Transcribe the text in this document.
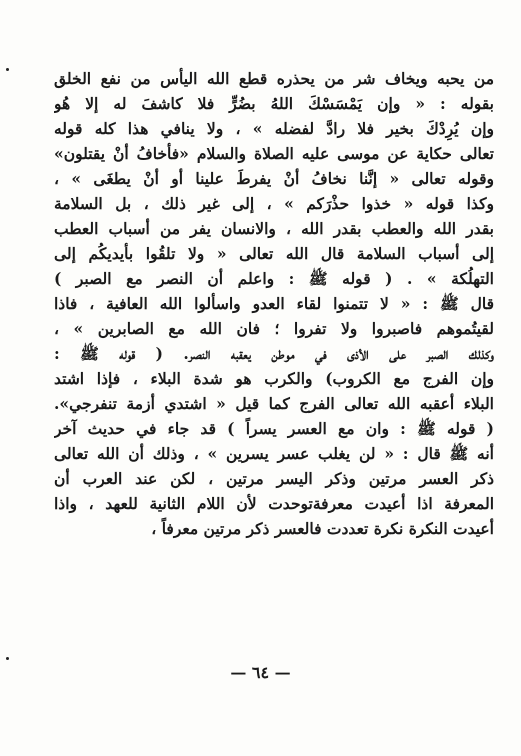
من يحبه ويخاف شر من يحذره قطع الله اليأس من نفع الخلق
بقوله : « وإن يَمْسَسْكَ اللهُ بضُرٍّ فلا كاشفَ له إلا هُو
وإن يُرِدْكَ بخير فلا رادَّ لفضله » ، ولا ينافي هذا كله قوله
تعالى حكاية عن موسى عليه الصلاة والسلام «فأخافُ أنْ يقتلون»
وقوله تعالى « إنَّنا نخافُ أنْ يفرطَ علينا أو أنْ يطغَى » ،
وكذا قوله « خذوا حذْرَكم » ، إلى غير ذلك ، بل السلامة
بقدر الله والعطب بقدر الله ، والانسان يفر من أسباب العطب
إلى أسباب السلامة قال الله تعالى « ولا تلقُوا بأيديكُم إلى
التهلُكة » . ( قوله ﷺ : واعلم أن النصر مع الصبر )
قال ﷺ : « لا تتمنوا لقاء العدو واسألوا الله العافية ، فاذا
لقيتُموهم فاصبروا ولا تفروا ؛ فان الله مع الصابرين » ،
وكذلك الصبر على الأذى في موطن يعقبه النصر. ( قوله ﷺ :
وإن الفرج مع الكروب) والكرب هو شدة البلاء ، فإذا اشتد
البلاء أعقبه الله تعالى الفرج كما قيل « اشتدي أزمة تنفرجي».
( قوله ﷺ : وان مع العسر يسراً ) قد جاء في حديث آخر
أنه ﷺ قال : « لن يغلب عسر يسرين » ، وذلك أن الله تعالى
ذكر العسر مرتين وذكر اليسر مرتين ، لكن عند العرب أن
المعرفة اذا أعيدت معرفةتوحدت لأن اللام الثانية للعهد ، واذا
أعيدت النكرة نكرة تعددت فالعسر ذكر مرتين معرفاً ،
— ٦٤ —
